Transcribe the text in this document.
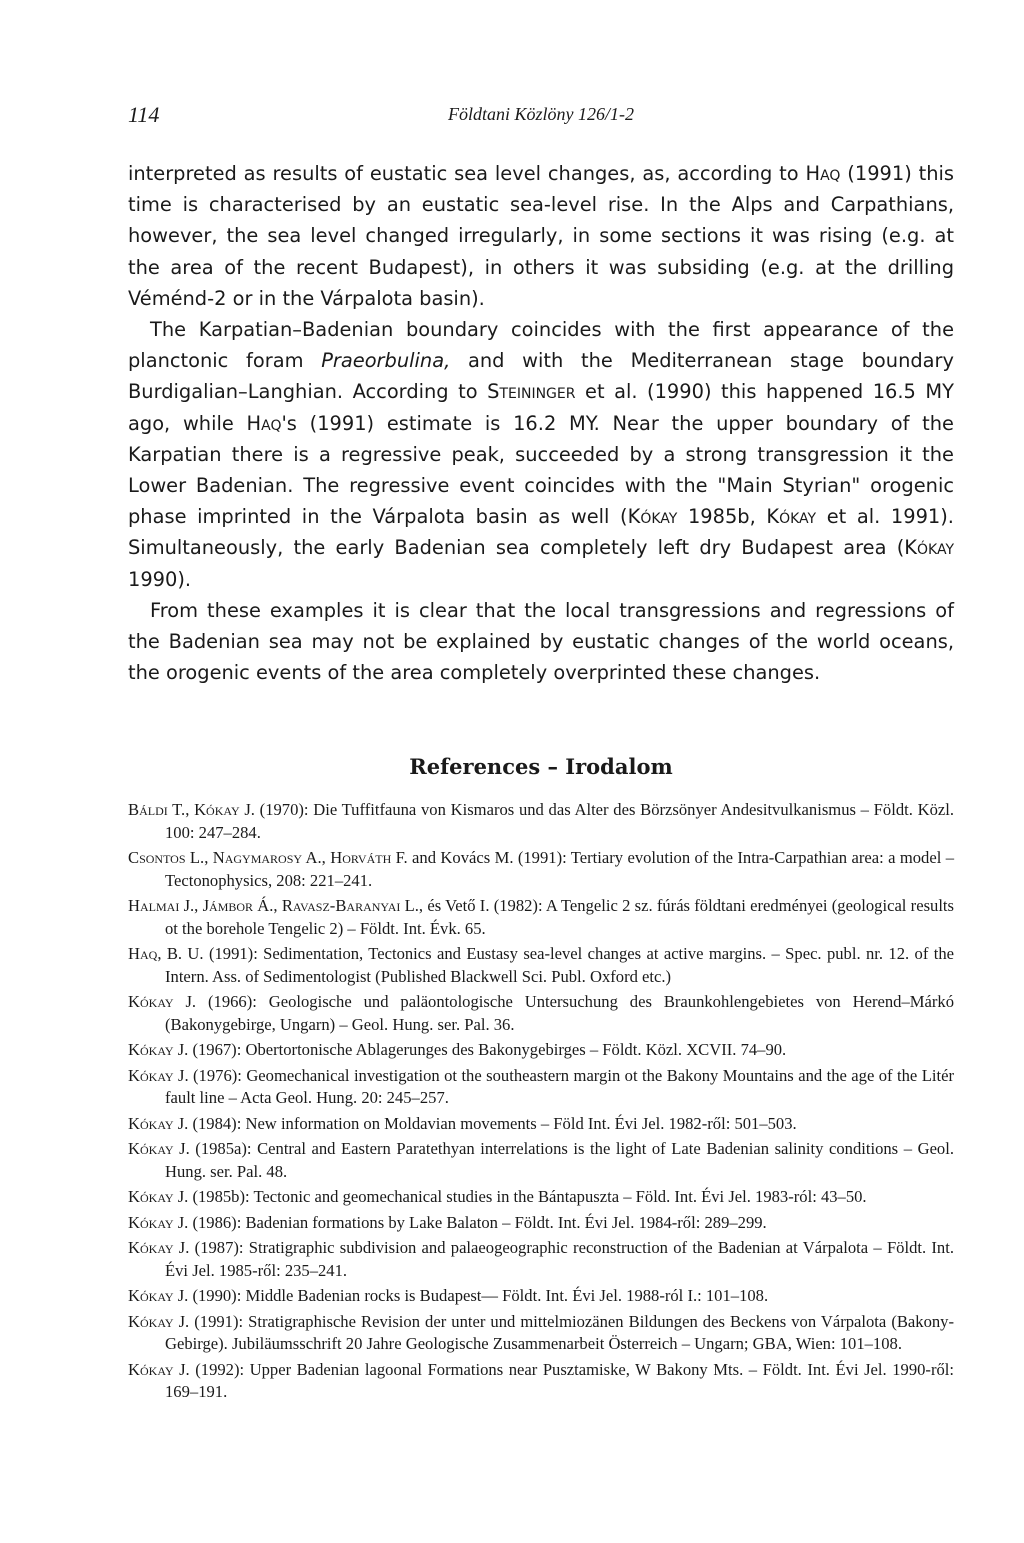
114	Földtani Közlöny 126/1-2

interpreted as results of eustatic sea level changes, as, according to Haq (1991) this time is characterised by an eustatic sea-level rise. In the Alps and Carpathians, however, the sea level changed irregularly, in some sections it was rising (e.g. at the area of the recent Budapest), in others it was subsiding (e.g. at the drilling Véménd-2 or in the Várpalota basin).

The Karpatian–Badenian boundary coincides with the first appearance of the planctonic foram Praeorbulina, and with the Mediterranean stage boundary Burdigalian–Langhian. According to Steininger et al. (1990) this happened 16.5 MY ago, while Haq's (1991) estimate is 16.2 MY. Near the upper boundary of the Karpatian there is a regressive peak, succeeded by a strong transgression it the Lower Badenian. The regressive event coincides with the "Main Styrian" orogenic phase imprinted in the Várpalota basin as well (Kókay 1985b, Kókay et al. 1991). Simultaneously, the early Badenian sea completely left dry Budapest area (Kókay 1990).

From these examples it is clear that the local transgressions and regressions of the Badenian sea may not be explained by eustatic changes of the world oceans, the orogenic events of the area completely overprinted these changes.

References – Irodalom

Báldi T., Kókay J. (1970): Die Tuffitfauna von Kismaros und das Alter des Börzsönyer Andesitvulkanismus – Földt. Közl. 100: 247–284.

Csontos L., Nagymarosy A., Horváth F. and Kovács M. (1991): Tertiary evolution of the Intra-Carpathian area: a model – Tectonophysics, 208: 221–241.

Halmai J., Jámbor Á., Ravasz-Baranyai L., és Vető I. (1982): A Tengelic 2 sz. fúrás földtani eredményei (geological results ot the borehole Tengelic 2) – Földt. Int. Évk. 65.

Haq, B. U. (1991): Sedimentation, Tectonics and Eustasy sea-level changes at active margins. – Spec. publ. nr. 12. of the Intern. Ass. of Sedimentologist (Published Blackwell Sci. Publ. Oxford etc.)

Kókay J. (1966): Geologische und paläontologische Untersuchung des Braunkohlengebietes von Herend–Márkó (Bakonygebirge, Ungarn) – Geol. Hung. ser. Pal. 36.

Kókay J. (1967): Obertortonische Ablagerunges des Bakonygebirges – Földt. Közl. XCVII. 74–90.

Kókay J. (1976): Geomechanical investigation ot the southeastern margin ot the Bakony Mountains and the age of the Litér fault line – Acta Geol. Hung. 20: 245–257.

Kókay J. (1984): New information on Moldavian movements – Föld Int. Évi Jel. 1982-ről: 501–503.

Kókay J. (1985a): Central and Eastern Paratethyan interrelations is the light of Late Badenian salinity conditions – Geol. Hung. ser. Pal. 48.

Kókay J. (1985b): Tectonic and geomechanical studies in the Bántapuszta – Föld. Int. Évi Jel. 1983-ról: 43–50.

Kókay J. (1986): Badenian formations by Lake Balaton – Földt. Int. Évi Jel. 1984-ről: 289–299.

Kókay J. (1987): Stratigraphic subdivision and palaeogeographic reconstruction of the Badenian at Várpalota – Földt. Int. Évi Jel. 1985-ről: 235–241.

Kókay J. (1990): Middle Badenian rocks is Budapest— Földt. Int. Évi Jel. 1988-ról I.: 101–108.

Kókay J. (1991): Stratigraphische Revision der unter und mittelmiozänen Bildungen des Beckens von Várpalota (Bakony-Gebirge). Jubiläumsschrift 20 Jahre Geologische Zusammenarbeit Österreich – Ungarn; GBA, Wien: 101–108.

Kókay J. (1992): Upper Badenian lagoonal Formations near Pusztamiske, W Bakony Mts. – Földt. Int. Évi Jel. 1990-ről: 169–191.
